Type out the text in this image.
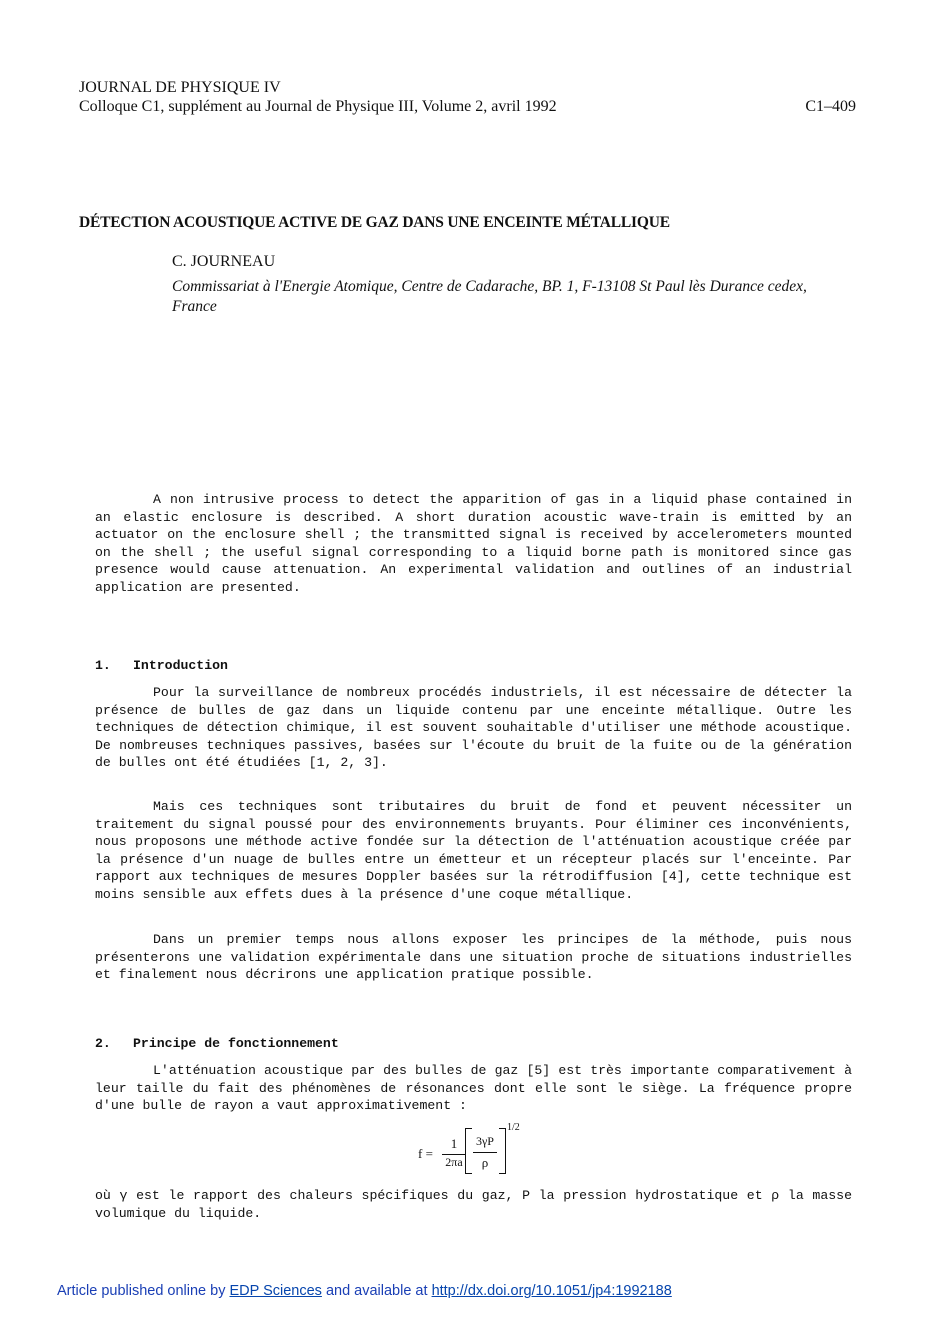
JOURNAL DE PHYSIQUE IV
Colloque C1, supplément au Journal de Physique III, Volume 2, avril 1992	C1–409
DÉTECTION ACOUSTIQUE ACTIVE DE GAZ DANS UNE ENCEINTE MÉTALLIQUE
C. JOURNEAU
Commissariat à l'Energie Atomique, Centre de Cadarache, BP. 1, F-13108 St Paul lès Durance cedex,
France

A non intrusive process to detect the apparition of gas in a liquid phase contained in an elastic enclosure is described. A short duration acoustic wave-train is emitted by an actuator on the enclosure shell ; the transmitted signal is received by accelerometers mounted on the shell ; the useful signal corresponding to a liquid borne path is monitored since gas presence would cause attenuation. An experimental validation and outlines of an industrial application are presented.

1. Introduction

Pour la surveillance de nombreux procédés industriels, il est nécessaire de détecter la présence de bulles de gaz dans un liquide contenu par une enceinte métallique. Outre les techniques de détection chimique, il est souvent souhaitable d'utiliser une méthode acoustique. De nombreuses techniques passives, basées sur l'écoute du bruit de la fuite ou de la génération de bulles ont été étudiées [1, 2, 3].

Mais ces techniques sont tributaires du bruit de fond et peuvent nécessiter un traitement du signal poussé pour des environnements bruyants. Pour éliminer ces inconvénients, nous proposons une méthode active fondée sur la détection de l'atténuation acoustique créée par la présence d'un nuage de bulles entre un émetteur et un récepteur placés sur l'enceinte. Par rapport aux techniques de mesures Doppler basées sur la rétrodiffusion [4], cette technique est moins sensible aux effets dues à la présence d'une coque métallique.

Dans un premier temps nous allons exposer les principes de la méthode, puis nous présenterons une validation expérimentale dans une situation proche de situations industrielles et finalement nous décrirons une application pratique possible.

2. Principe de fonctionnement

L'atténuation acoustique par des bulles de gaz [5] est très importante comparativement à leur taille du fait des phénomènes de résonances dont elle sont le siège. La fréquence propre d'une bulle de rayon a vaut approximativement :

f =
1
2πa
3γP
ρ
1/2

où γ est le rapport des chaleurs spécifiques du gaz, P la pression hydrostatique et ρ la masse volumique du liquide.

Article published online by EDP Sciences and available at http://dx.doi.org/10.1051/jp4:1992188
